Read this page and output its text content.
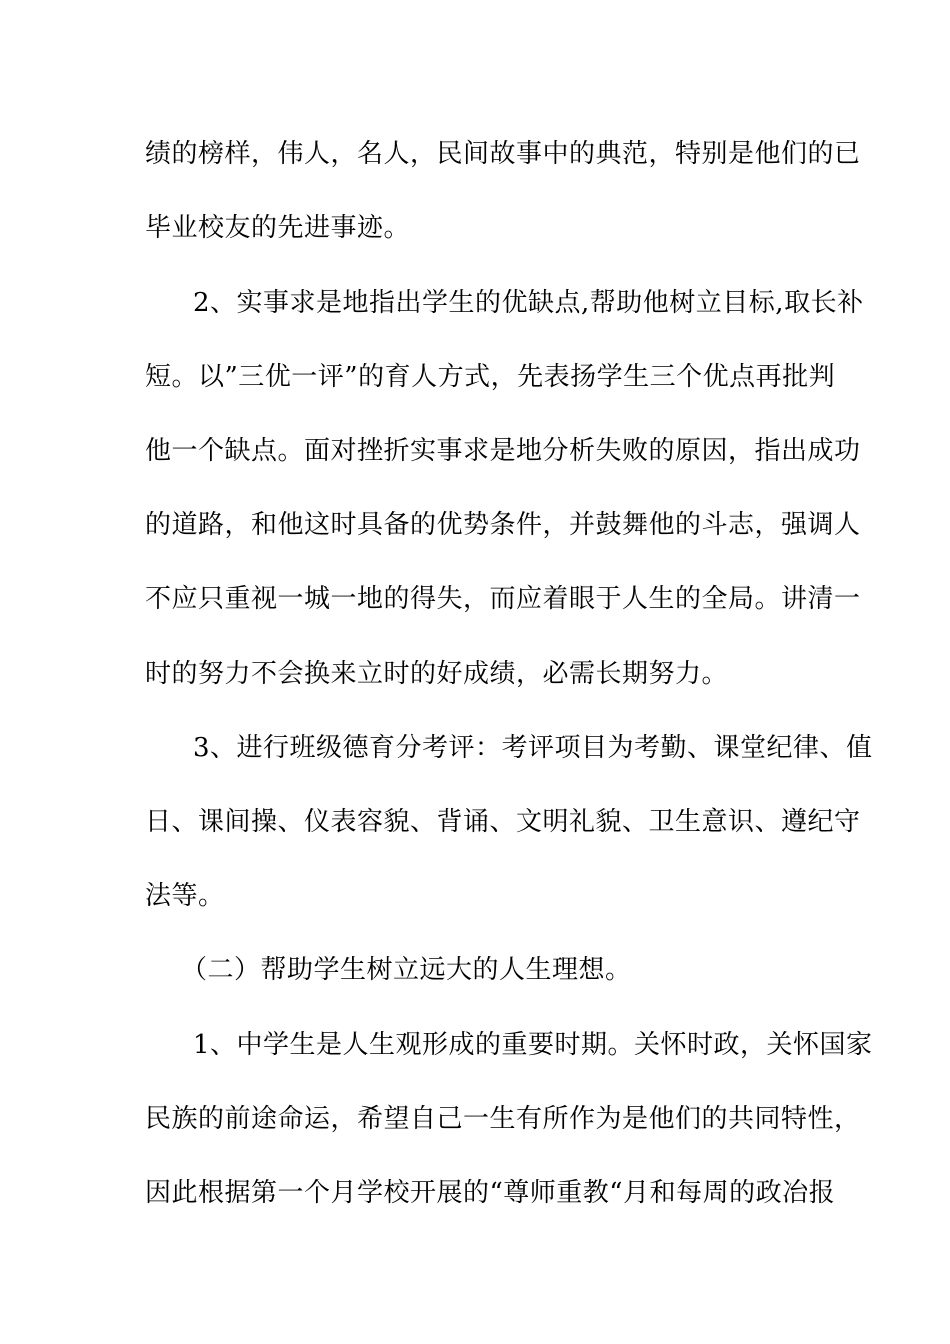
绩的榜样，伟人，名人，民间故事中的典范，特别是他们的已
毕业校友的先进事迹。
2、实事求是地指出学生的优缺点,帮助他树立目标,取长补
短。以”三优一评”的育人方式，先表扬学生三个优点再批判
他一个缺点。面对挫折实事求是地分析失败的原因，指出成功
的道路，和他这时具备的优势条件，并鼓舞他的斗志，强调人
不应只重视一城一地的得失，而应着眼于人生的全局。讲清一
时的努力不会换来立时的好成绩，必需长期努力。
3、进行班级德育分考评：考评项目为考勤、课堂纪律、值
日、课间操、仪表容貌、背诵、文明礼貌、卫生意识、遵纪守
法等。
（二）帮助学生树立远大的人生理想。
1、中学生是人生观形成的重要时期。关怀时政，关怀国家
民族的前途命运，希望自己一生有所作为是他们的共同特性，
因此根据第一个月学校开展的“尊师重教“月和每周的政冶报
